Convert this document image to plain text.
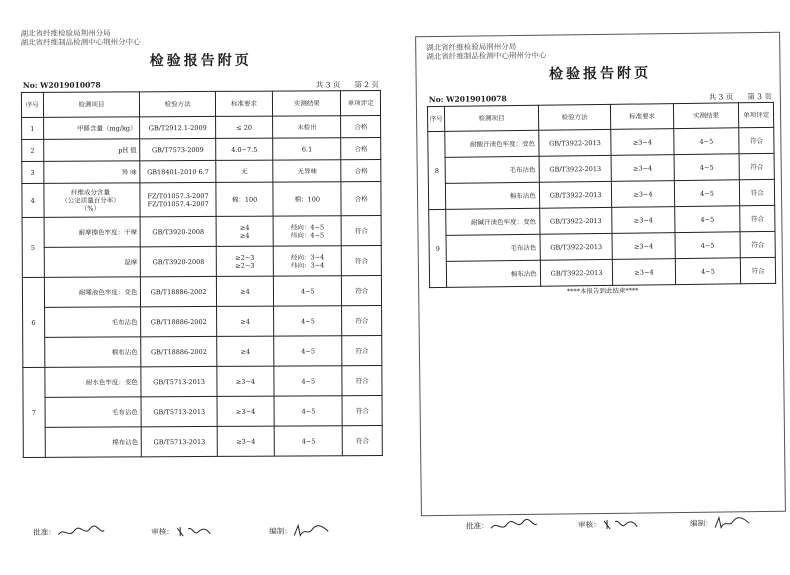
湖北省纤维检验局荆州分局
湖北省纤维制品检测中心荆州分中心
检验报告附页
No: W2019010078	共 3 页 第 2 页
序号	检测项目	检验方法	标准要求	实测结果	单项评定
1	甲醛含量（mg/kg）	GB/T2912.1-2009	≤ 20	未检出	合格
2	pH 值	GB/T7573-2009	4.0~7.5	6.1	合格
3	异 味	GB18401-2010 6.7	无	无异味	合格
4	纤维成分含量
（公定质量百分率）
（%）	FZ/T01057.3-2007
FZ/T01057.4-2007	棉：100	棉：100	合格
5	耐摩擦色牢度：干摩	GB/T3920-2008	≥4
≥4	经向：4~5
纬向：4~5	符合
	湿摩	GB/T3920-2008	≥2~3
≥2~3	经向：3~4
纬向：3~4	符合
6	耐唾液色牢度：变色	GB/T18886-2002	≥4	4~5	符合
	毛布沾色	GB/T18886-2002	≥4	4~5	符合
	棉布沾色	GB/T18886-2002	≥4	4~5	符合
7	耐水色牢度：变色	GB/T5713-2013	≥3~4	4~5	符合
	毛布沾色	GB/T5713-2013	≥3~4	4~5	符合
	棉布沾色	GB/T5713-2013	≥3~4	4~5	符合
批准：	审核：	编制：
湖北省纤维检验局荆州分局
湖北省纤维制品检测中心荆州分中心
检验报告附页
No: W2019010078	共 3 页 第 3 页
序号	检测项目	检验方法	标准要求	实测结果	单项评定
8	耐酸汗渍色牢度：变色	GB/T3922-2013	≥3~4	4~5	符合
	毛布沾色	GB/T3922-2013	≥3~4	4~5	符合
	棉布沾色	GB/T3922-2013	≥3~4	4~5	符合
9	耐碱汗渍色牢度：变色	GB/T3922-2013	≥3~4	4~5	符合
	毛布沾色	GB/T3922-2013	≥3~4	4~5	符合
	棉布沾色	GB/T3922-2013	≥3~4	4~5	符合
****本报告到此结束****
批准：	审核：	编制：
